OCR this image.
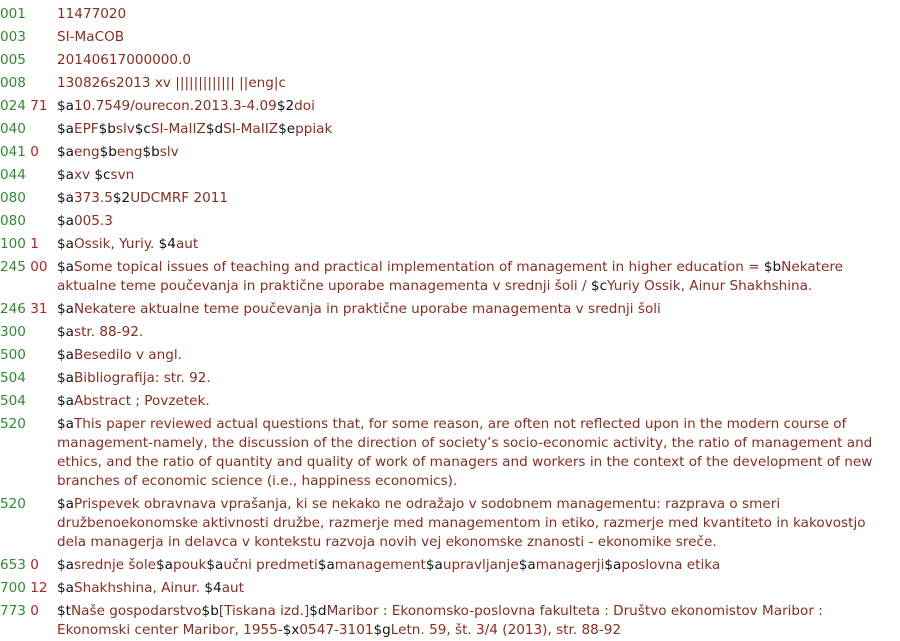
001	11477020
003	SI-MaCOB
005	20140617000000.0
008	130826s2013 xv ||||||||||||| ||eng|c
024 71 $a10.7549/ourecon.2013.3-4.09$2doi
040	$aEPF$bslv$cSI-MaIIZ$dSI-MaIIZ$eppiak
041 0	$aeng$beng$bslv
044	$axv $csvn
080	$a373.5$2UDCMRF 2011
080	$a005.3
100 1	$aOssik, Yuriy. $4aut
245 00 $aSome topical issues of teaching and practical implementation of management in higher education = $bNekatere aktualne teme poučevanja in praktične uporabe managementa v srednji šoli / $cYuriy Ossik, Ainur Shakhshina.
246 31 $aNekatere aktualne teme poučevanja in praktične uporabe managementa v srednji šoli
300	$astr. 88-92.
500	$aBesedilo v angl.
504	$aBibliografija: str. 92.
504	$aAbstract ; Povzetek.
520	$aThis paper reviewed actual questions that, for some reason, are often not reflected upon in the modern course of management-namely, the discussion of the direction of society’s socio-economic activity, the ratio of management and ethics, and the ratio of quantity and quality of work of managers and workers in the context of the development of new branches of economic science (i.e., happiness economics).
520	$aPrispevek obravnava vprašanja, ki se nekako ne odražajo v sodobnem managementu: razprava o smeri družbenoekonomske aktivnosti družbe, razmerje med managementom in etiko, razmerje med kvantiteto in kakovostjo dela managerja in delavca v kontekstu razvoja novih vej ekonomske znanosti - ekonomike sreče.
653 0	$asrednje šole$apouk$aučni predmeti$amanagement$aupravljanje$amanagerji$aposlovna etika
700 12 $aShakhshina, Ainur. $4aut
773 0	$tNaše gospodarstvo$b[Tiskana izd.]$dMaribor : Ekonomsko-poslovna fakulteta : Društvo ekonomistov Maribor : Ekonomski center Maribor, 1955-$x0547-3101$gLetn. 59, št. 3/4 (2013), str. 88-92
